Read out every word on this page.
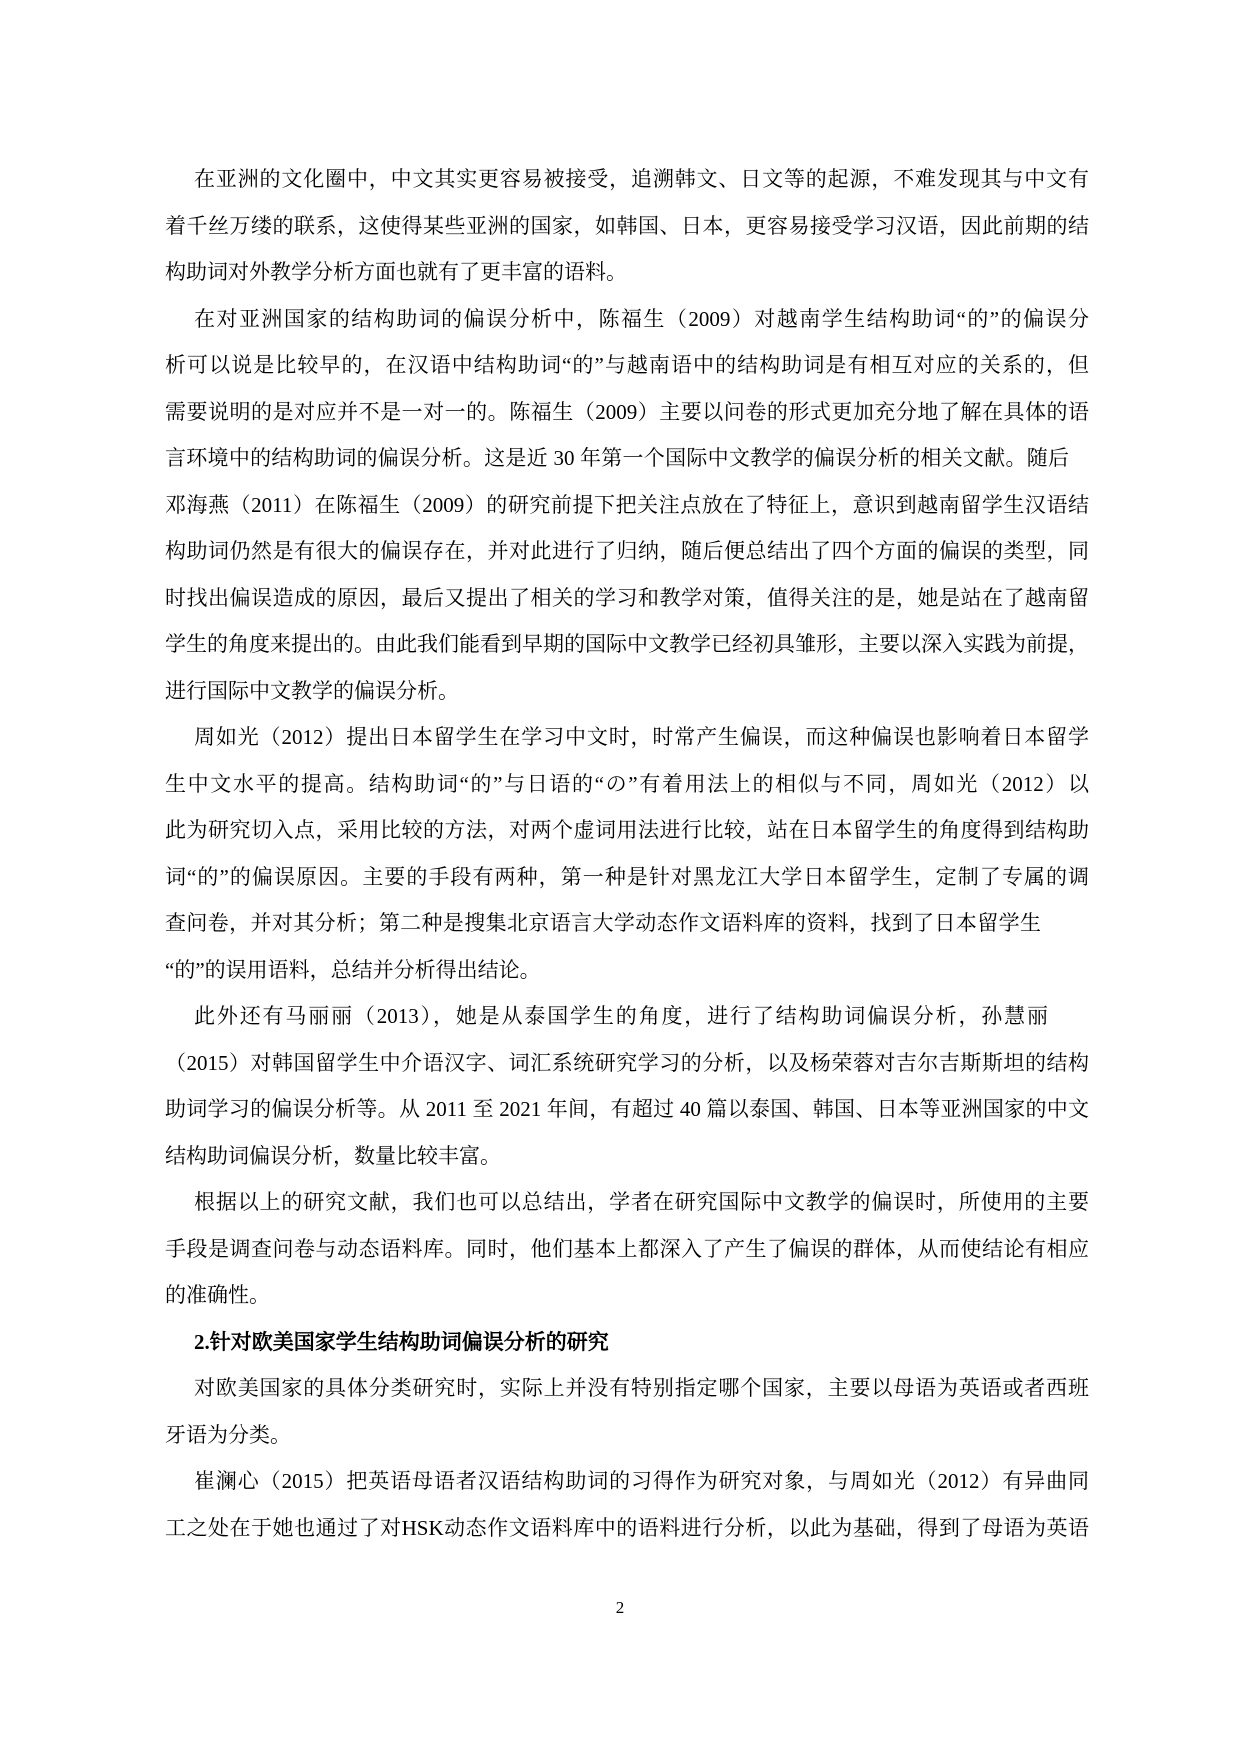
在亚洲的文化圈中，中文其实更容易被接受，追溯韩文、日文等的起源，不难发现其与中文有
着千丝万缕的联系，这使得某些亚洲的国家，如韩国、日本，更容易接受学习汉语，因此前期的结
构助词对外教学分析方面也就有了更丰富的语料。
在对亚洲国家的结构助词的偏误分析中，陈福生（2009）对越南学生结构助词“的”的偏误分
析可以说是比较早的，在汉语中结构助词“的”与越南语中的结构助词是有相互对应的关系的，但
需要说明的是对应并不是一对一的。陈福生（2009）主要以问卷的形式更加充分地了解在具体的语
言环境中的结构助词的偏误分析。这是近 30 年第一个国际中文教学的偏误分析的相关文献。随后
邓海燕（2011）在陈福生（2009）的研究前提下把关注点放在了特征上，意识到越南留学生汉语结
构助词仍然是有很大的偏误存在，并对此进行了归纳，随后便总结出了四个方面的偏误的类型，同
时找出偏误造成的原因，最后又提出了相关的学习和教学对策，值得关注的是，她是站在了越南留
学生的角度来提出的。由此我们能看到早期的国际中文教学已经初具雏形，主要以深入实践为前提，
进行国际中文教学的偏误分析。
周如光（2012）提出日本留学生在学习中文时，时常产生偏误，而这种偏误也影响着日本留学
生中文水平的提高。结构助词“的”与日语的“の”有着用法上的相似与不同，周如光（2012）以
此为研究切入点，采用比较的方法，对两个虚词用法进行比较，站在日本留学生的角度得到结构助
词“的”的偏误原因。主要的手段有两种，第一种是针对黑龙江大学日本留学生，定制了专属的调
查问卷，并对其分析；第二种是搜集北京语言大学动态作文语料库的资料，找到了日本留学生
“的”的误用语料，总结并分析得出结论。
此外还有马丽丽（2013），她是从泰国学生的角度，进行了结构助词偏误分析，孙慧丽
（2015）对韩国留学生中介语汉字、词汇系统研究学习的分析，以及杨荣蓉对吉尔吉斯斯坦的结构
助词学习的偏误分析等。从 2011 至 2021 年间，有超过 40 篇以泰国、韩国、日本等亚洲国家的中文
结构助词偏误分析，数量比较丰富。
根据以上的研究文献，我们也可以总结出，学者在研究国际中文教学的偏误时，所使用的主要
手段是调查问卷与动态语料库。同时，他们基本上都深入了产生了偏误的群体，从而使结论有相应
的准确性。
2.针对欧美国家学生结构助词偏误分析的研究
对欧美国家的具体分类研究时，实际上并没有特别指定哪个国家，主要以母语为英语或者西班
牙语为分类。
崔澜心（2015）把英语母语者汉语结构助词的习得作为研究对象，与周如光（2012）有异曲同
工之处在于她也通过了对HSK动态作文语料库中的语料进行分析，以此为基础，得到了母语为英语
2
